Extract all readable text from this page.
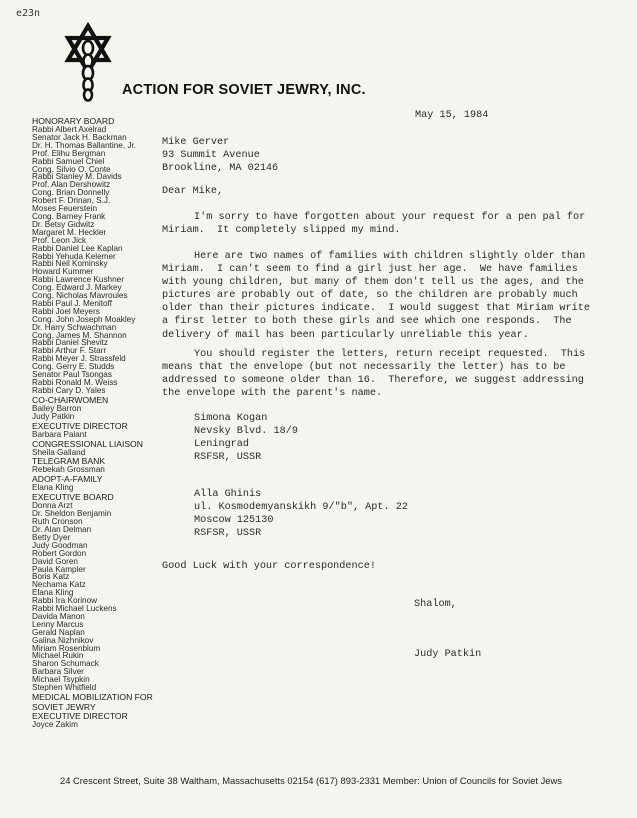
e23n
ACTION FOR SOVIET JEWRY, INC.
HONORARY BOARD
Rabbi Albert Axelrad
Senator Jack H. Backman
Dr. H. Thomas Ballantine, Jr.
Prof. Elihu Bergman
Rabbi Samuel Chiel
Cong. Silvio O. Conte
Rabbi Stanley M. Davids
Prof. Alan Dershowitz
Cong. Brian Donnelly
Robert F. Drinan, S.J.
Moses Feuerstein
Cong. Barney Frank
Dr. Betsy Gidwitz
Margaret M. Heckler
Prof. Leon Jick
Rabbi Daniel Lee Kaplan
Rabbi Yehuda Kelemer
Rabbi Neil Kominsky
Howard Kummer
Rabbi Lawrence Kushner
Cong. Edward J. Markey
Cong. Nicholas Mavroules
Rabbi Paul J. Menitoff
Rabbi Joel Meyers
Cong. John Joseph Moakley
Dr. Harry Schwachman
Cong. James M. Shannon
Rabbi Daniel Shevitz
Rabbi Arthur F. Starr
Rabbi Meyer J. Strassfeld
Cong. Gerry E. Studds
Senator Paul Tsongas
Rabbi Ronald M. Weiss
Rabbi Cary D. Yales
CO-CHAIRWOMEN
Bailey Barron
Judy Patkin
EXECUTIVE DIRECTOR
Barbara Palant
CONGRESSIONAL LIAISON
Sheila Galland
TELEGRAM BANK
Rebekah Grossman
ADOPT-A-FAMILY
Elana Kling
EXECUTIVE BOARD
Donna Arzt
Dr. Sheldon Benjamin
Ruth Cronson
Dr. Alan Delman
Betty Dyer
Judy Goodman
Robert Gordon
David Goren
Paula Kampler
Boris Katz
Nechama Katz
Elana Kling
Rabbi Ira Korinow
Rabbi Michael Luckens
Davida Manon
Lenny Marcus
Gerald Naplan
Galina Nizhnikov
Miriam Rosenblum
Michael Rukin
Sharon Schumack
Barbara Silver
Michael Tsypkin
Stephen Whitfield
MEDICAL MOBILIZATION FOR SOVIET JEWRY
EXECUTIVE DIRECTOR
Joyce Zakim
May 15, 1984
Mike Gerver
93 Summit Avenue
Brookline, MA 02146
Dear Mike,
I'm sorry to have forgotten about your request for a pen pal for
Miriam.  It completely slipped my mind.
Here are two names of families with children slightly older than
Miriam.  I can't seem to find a girl just her age.  We have families
with young children, but many of them don't tell us the ages, and the
pictures are probably out of date, so the children are probably much
older than their pictures indicate.  I would suggest that Miriam write
a first letter to both these girls and see which one responds.  The
delivery of mail has been particularly unreliable this year.
You should register the letters, return receipt requested.  This
means that the envelope (but not necessarily the letter) has to be
addressed to someone older than 16.  Therefore, we suggest addressing
the envelope with the parent's name.
Simona Kogan
Nevsky Blvd. 18/9
Leningrad
RSFSR, USSR
Alla Ghinis
ul. Kosmodemyanskikh 9/"b", Apt. 22
Moscow 125130
RSFSR, USSR
Good Luck with your correspondence!
Shalom,
Judy Patkin
24 Crescent Street, Suite 38 Waltham, Massachusetts 02154 (617) 893-2331 Member: Union of Councils for Soviet Jews
